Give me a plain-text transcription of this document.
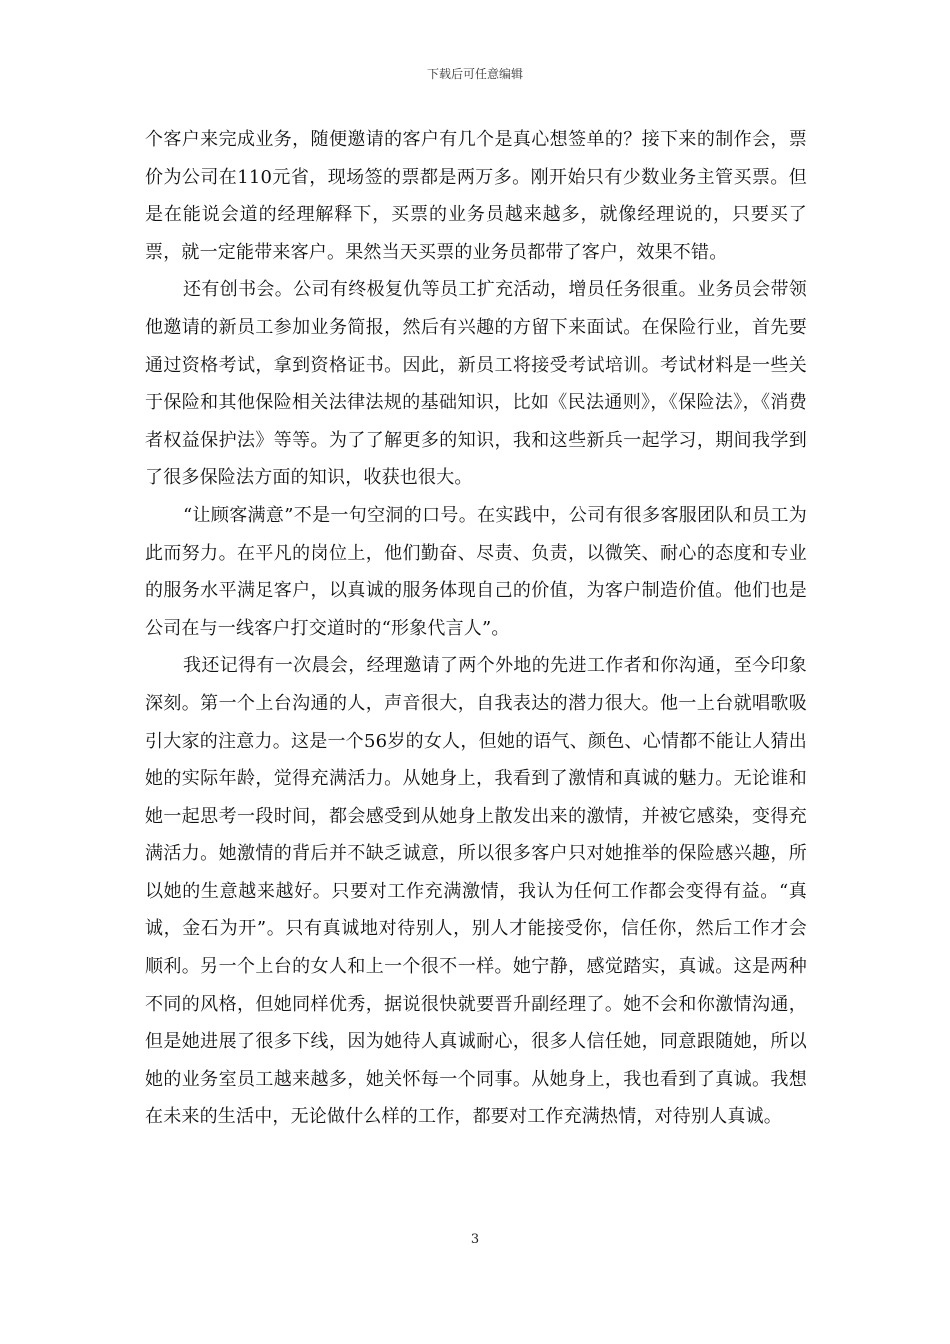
下载后可任意编辑

个客户来完成业务，随便邀请的客户有几个是真心想签单的？接下来的制作会，票价为公司在110元省，现场签的票都是两万多。刚开始只有少数业务主管买票。但是在能说会道的经理解释下，买票的业务员越来越多，就像经理说的，只要买了票，就一定能带来客户。果然当天买票的业务员都带了客户，效果不错。

还有创书会。公司有终极复仇等员工扩充活动，增员任务很重。业务员会带领他邀请的新员工参加业务简报，然后有兴趣的方留下来面试。在保险行业，首先要通过资格考试，拿到资格证书。因此，新员工将接受考试培训。考试材料是一些关于保险和其他保险相关法律法规的基础知识，比如《民法通则》，《保险法》，《消费者权益保护法》等等。为了了解更多的知识，我和这些新兵一起学习，期间我学到了很多保险法方面的知识，收获也很大。

“让顾客满意”不是一句空洞的口号。在实践中，公司有很多客服团队和员工为此而努力。在平凡的岗位上，他们勤奋、尽责、负责，以微笑、耐心的态度和专业的服务水平满足客户，以真诚的服务体现自己的价值，为客户制造价值。他们也是公司在与一线客户打交道时的“形象代言人”。

我还记得有一次晨会，经理邀请了两个外地的先进工作者和你沟通，至今印象深刻。第一个上台沟通的人，声音很大，自我表达的潜力很大。他一上台就唱歌吸引大家的注意力。这是一个56岁的女人，但她的语气、颜色、心情都不能让人猜出她的实际年龄，觉得充满活力。从她身上，我看到了激情和真诚的魅力。无论谁和她一起思考一段时间，都会感受到从她身上散发出来的激情，并被它感染，变得充满活力。她激情的背后并不缺乏诚意，所以很多客户只对她推举的保险感兴趣，所以她的生意越来越好。只要对工作充满激情，我认为任何工作都会变得有益。“真诚，金石为开”。只有真诚地对待别人，别人才能接受你，信任你，然后工作才会顺利。另一个上台的女人和上一个很不一样。她宁静，感觉踏实，真诚。这是两种不同的风格，但她同样优秀，据说很快就要晋升副经理了。她不会和你激情沟通，但是她进展了很多下线，因为她待人真诚耐心，很多人信任她，同意跟随她，所以她的业务室员工越来越多，她关怀每一个同事。从她身上，我也看到了真诚。我想在未来的生活中，无论做什么样的工作，都要对工作充满热情，对待别人真诚。

3
